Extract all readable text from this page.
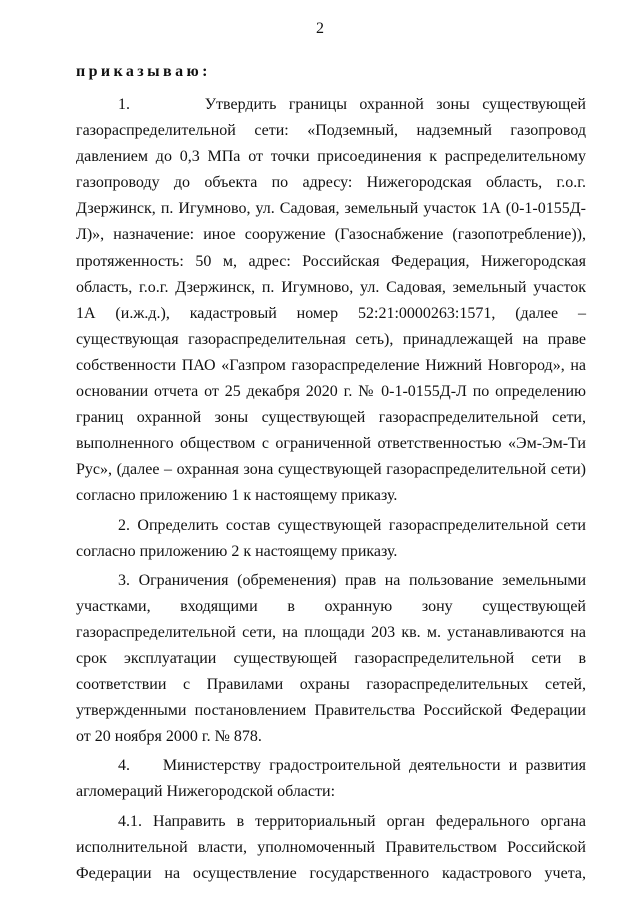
2
приказываю:

1.      Утвердить границы охранной зоны существующей газораспределительной сети: «Подземный, надземный газопровод давлением до 0,3 МПа от точки присоединения к распределительному газопроводу до объекта по адресу: Нижегородская область, г.о.г. Дзержинск, п. Игумново, ул. Садовая, земельный участок 1А (0-1-0155Д-Л)», назначение: иное сооружение (Газоснабжение (газопотребление)), протяженность: 50 м, адрес: Российская Федерация, Нижегородская область, г.о.г. Дзержинск, п. Игумново, ул. Садовая, земельный участок 1А (и.ж.д.), кадастровый номер 52:21:0000263:1571, (далее – существующая газораспределительная сеть), принадлежащей на праве собственности ПАО «Газпром газораспределение Нижний Новгород», на основании отчета от 25 декабря 2020 г. № 0-1-0155Д-Л по определению границ охранной зоны существующей газораспределительной сети, выполненного обществом с ограниченной ответственностью «Эм-Эм-Ти Рус», (далее – охранная зона существующей газораспределительной сети) согласно приложению 1 к настоящему приказу.

2. Определить состав существующей газораспределительной сети согласно приложению 2 к настоящему приказу.

3. Ограничения (обременения) прав на пользование земельными участками, входящими в охранную зону существующей газораспределительной сети, на площади 203 кв. м. устанавливаются на срок эксплуатации существующей газораспределительной сети в соответствии с Правилами охраны газораспределительных сетей, утвержденными постановлением Правительства Российской Федерации от 20 ноября 2000 г. № 878.

4.    Министерству градостроительной деятельности и развития агломераций Нижегородской области:

4.1. Направить в территориальный орган федерального органа исполнительной власти, уполномоченный Правительством Российской Федерации на осуществление государственного кадастрового учета,
